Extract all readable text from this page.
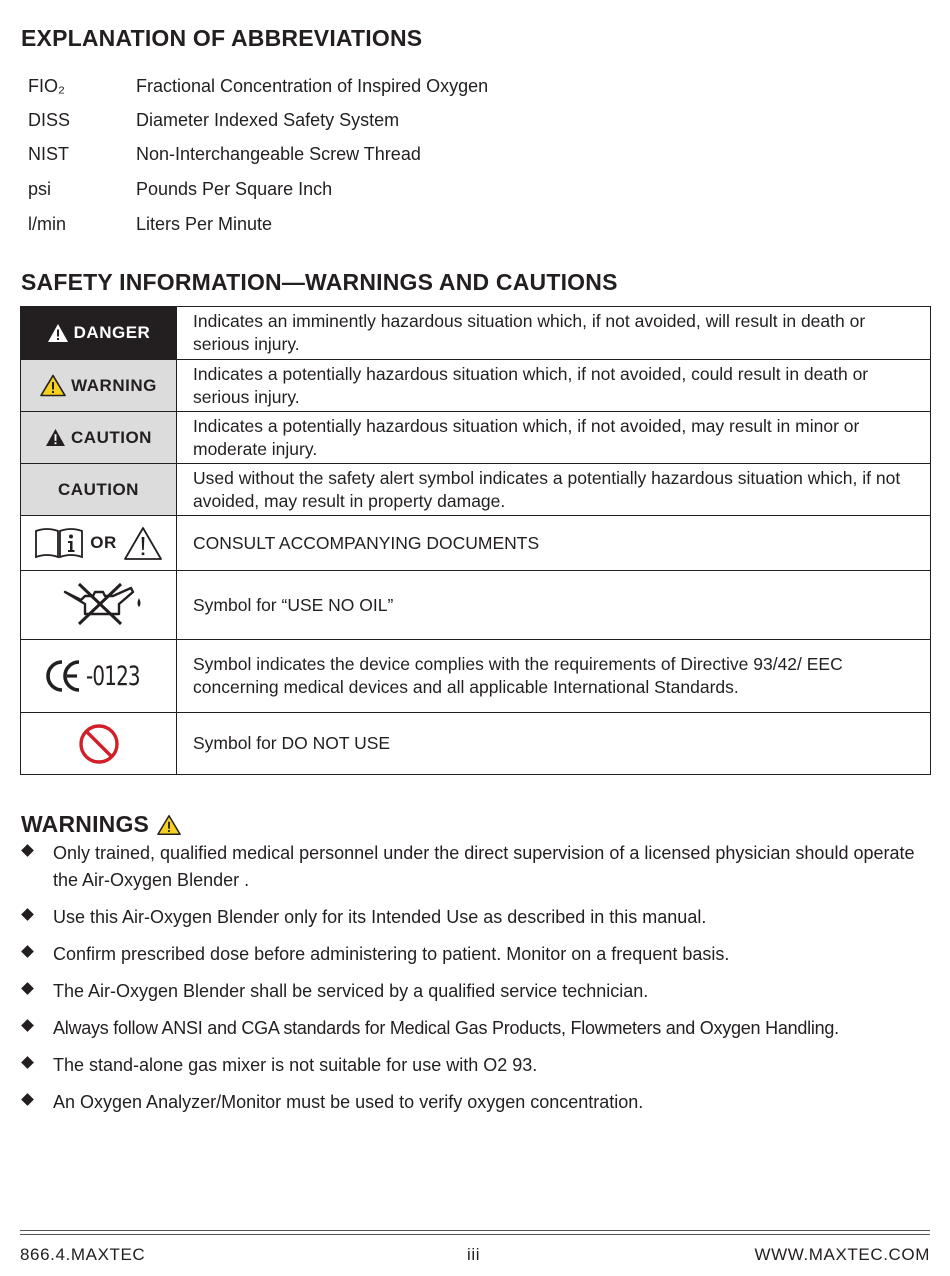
EXPLANATION OF ABBREVIATIONS
FIO₂	Fractional Concentration of Inspired Oxygen
DISS	Diameter Indexed Safety System
NIST	Non-Interchangeable Screw Thread
psi	Pounds Per Square Inch
l/min	Liters Per Minute
SAFETY INFORMATION—WARNINGS AND CAUTIONS
DANGER	Indicates an imminently hazardous situation which, if not avoided, will result in death or serious injury.

WARNING	Indicates a potentially hazardous situation which, if not avoided, could result in death or serious injury.

CAUTION	Indicates a potentially hazardous situation which, if not avoided, may result in minor or moderate injury.

CAUTION	Used without the safety alert symbol indicates a potentially hazardous situation which, if not avoided, may result in property damage.

OR	CONSULT ACCOMPANYING DOCUMENTS

	Symbol for “USE NO OIL”

-0123	Symbol indicates the device complies with the requirements of Directive 93/42/ EEC concerning medical devices and all applicable International Standards.

	Symbol for DO NOT USE
WARNINGS
Only trained, qualified medical personnel under the direct supervision of a licensed physician should operate the Air-Oxygen Blender .
Use this Air-Oxygen Blender only for its Intended Use as described in this manual.
Confirm prescribed dose before administering to patient. Monitor on a frequent basis.
The Air-Oxygen Blender shall be serviced by a qualified service technician.
Always follow ANSI and CGA standards for Medical Gas Products, Flowmeters and Oxygen Handling.
The stand-alone gas mixer is not suitable for use with O2 93.
An Oxygen Analyzer/Monitor must be used to verify oxygen concentration.
866.4.MAXTEC	iii	WWW.MAXTEC.COM
